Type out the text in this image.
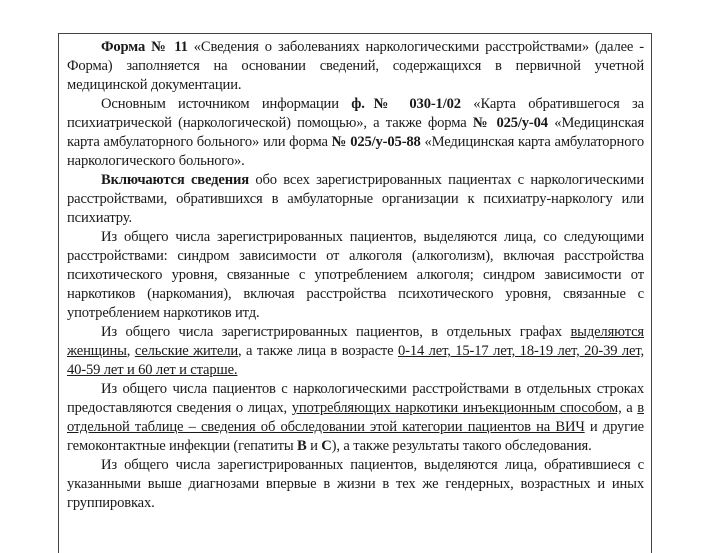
Форма № 11 «Сведения о заболеваниях наркологическими расстройствами» (далее - Форма) заполняется на основании сведений, содержащихся в первичной учетной медицинской документации.

Основным источником информации ф.№ 030-1/02 «Карта обратившегося за психиатрической (наркологической) помощью», а также форма № 025/у-04 «Медицинская карта амбулаторного больного» или форма № 025/у-05-88 «Медицинская карта амбулаторного наркологического больного».

Включаются сведения обо всех зарегистрированных пациентах с наркологическими расстройствами, обратившихся в амбулаторные организации к психиатру-наркологу или психиатру.

Из общего числа зарегистрированных пациентов, выделяются лица, со следующими расстройствами: синдром зависимости от алкоголя (алкоголизм), включая расстройства психотического уровня, связанные с употреблением алкоголя; синдром зависимости от наркотиков (наркомания), включая расстройства психотического уровня, связанные с употреблением наркотиков итд.

Из общего числа зарегистрированных пациентов, в отдельных графах выделяются женщины, сельские жители, а также лица в возрасте 0-14 лет, 15-17 лет, 18-19 лет, 20-39 лет, 40-59 лет и 60 лет и старше.

Из общего числа пациентов с наркологическими расстройствами в отдельных строках предоставляются сведения о лицах, употребляющих наркотики инъекционным способом, а в отдельной таблице – сведения об обследовании этой категории пациентов на ВИЧ и другие гемоконтактные инфекции (гепатиты В и С), а также результаты такого обследования.

Из общего числа зарегистрированных пациентов, выделяются лица, обратившиеся с указанными выше диагнозами впервые в жизни в тех же гендерных, возрастных и иных группировках.
